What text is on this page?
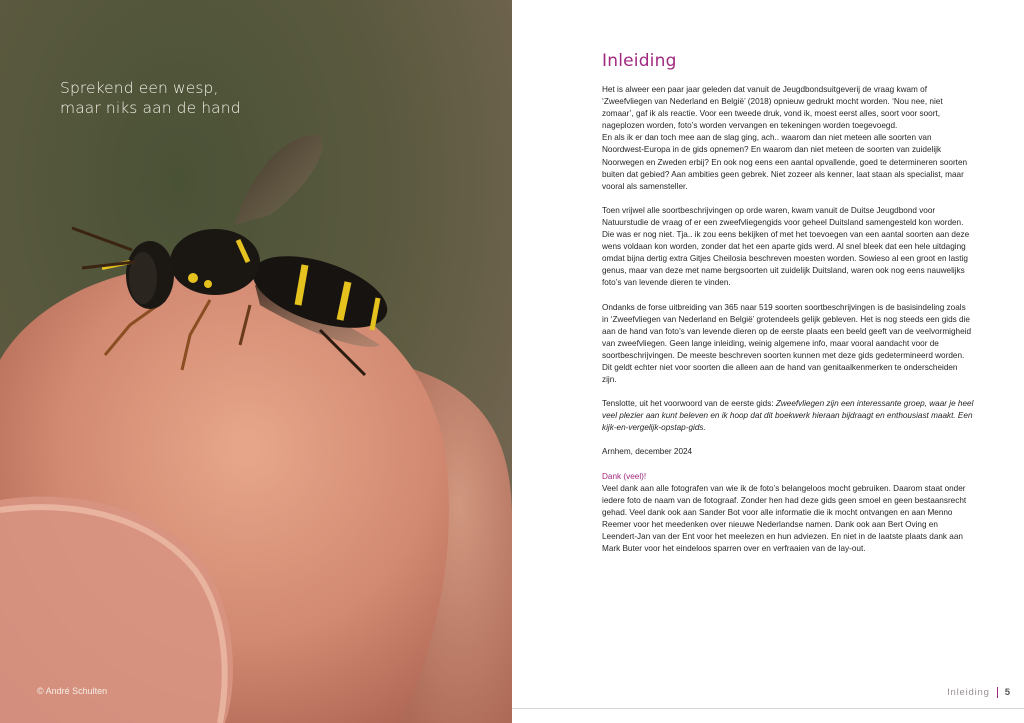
Sprekend een wesp,
maar niks aan de hand
© André Schulten
Inleiding

Het is alweer een paar jaar geleden dat vanuit de Jeugdbondsuitgeverij de vraag kwam of ‘Zweefvliegen van Nederland en België’ (2018) opnieuw gedrukt mocht worden. ‘Nou nee, niet zomaar’, gaf ik als reactie. Voor een tweede druk, vond ik, moest eerst alles, soort voor soort, nageplozen worden, foto’s worden vervangen en tekeningen worden toegevoegd.

En als ik er dan toch mee aan de slag ging, ach.. waarom dan niet meteen alle soorten van Noordwest-Europa in de gids opnemen? En waarom dan niet meteen de soorten van zuidelijk Noorwegen en Zweden erbij? En ook nog eens een aantal opvallende, goed te determineren soorten buiten dat gebied? Aan ambities geen gebrek. Niet zozeer als kenner, laat staan als specialist, maar vooral als samensteller.

Toen vrijwel alle soortbeschrijvingen op orde waren, kwam vanuit de Duitse Jeugdbond voor Natuurstudie de vraag of er een zweefvliegengids voor geheel Duitsland samengesteld kon worden. Die was er nog niet. Tja.. ik zou eens bekijken of met het toevoegen van een aantal soorten aan deze wens voldaan kon worden, zonder dat het een aparte gids werd. Al snel bleek dat een hele uitdaging omdat bijna dertig extra Gitjes Cheilosia beschreven moesten worden. Sowieso al een groot en lastig genus, maar van deze met name bergsoorten uit zuidelijk Duitsland, waren ook nog eens nauwelijks foto’s van levende dieren te vinden.

Ondanks de forse uitbreiding van 365 naar 519 soorten soortbeschrijvingen is de basisindeling zoals in ‘Zweefvliegen van Nederland en België’ grotendeels gelijk gebleven. Het is nog steeds een gids die aan de hand van foto’s van levende dieren op de eerste plaats een beeld geeft van de veelvormigheid van zweefvliegen. Geen lange inleiding, weinig algemene info, maar vooral aandacht voor de soortbeschrijvingen. De meeste beschreven soorten kunnen met deze gids gedetermineerd worden. Dit geldt echter niet voor soorten die alleen aan de hand van genitaalkenmerken te onderscheiden zijn.

Tenslotte, uit het voorwoord van de eerste gids: Zweefvliegen zijn een interessante groep, waar je heel veel plezier aan kunt beleven en ik hoop dat dit boekwerk hieraan bijdraagt en enthousiast maakt. Een kijk-en-vergelijk-opstap-gids.

Arnhem, december 2024

Dank (veel)!

Veel dank aan alle fotografen van wie ik de foto’s belangeloos mocht gebruiken. Daarom staat onder iedere foto de naam van de fotograaf. Zonder hen had deze gids geen smoel en geen bestaansrecht gehad. Veel dank ook aan Sander Bot voor alle informatie die ik mocht ontvangen en aan Menno Reemer voor het meedenken over nieuwe Nederlandse namen. Dank ook aan Bert Oving en Leendert-Jan van der Ent voor het meelezen en hun adviezen. En niet in de laatste plaats dank aan Mark Buter voor het eindeloos sparren over en verfraaien van de lay-out.

Inleiding 5
